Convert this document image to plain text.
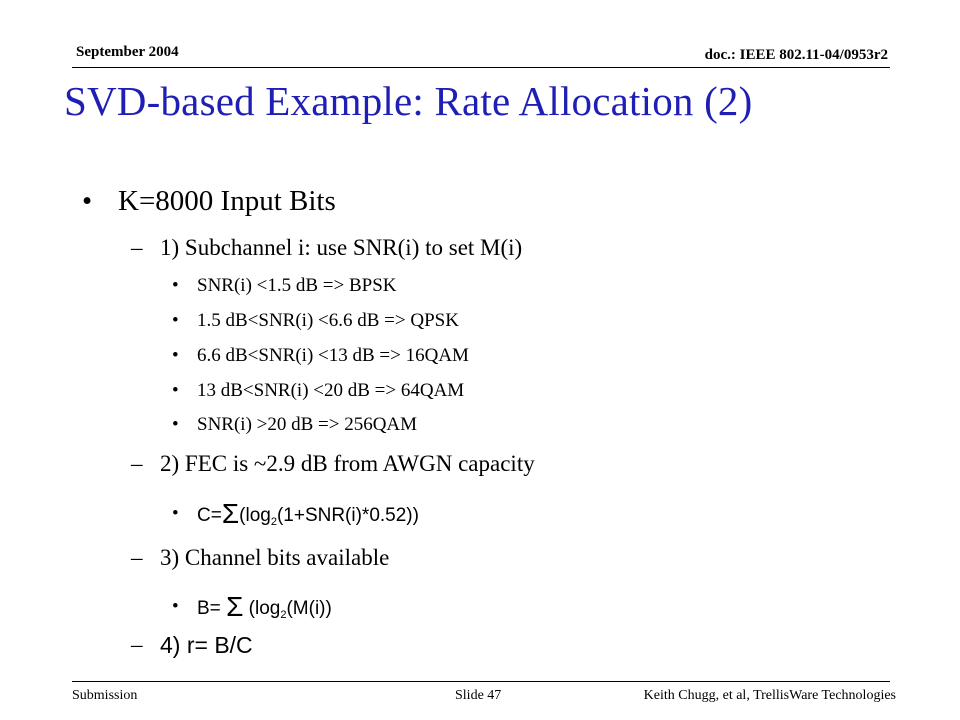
September 2004	doc.: IEEE 802.11-04/0953r2
SVD-based Example: Rate Allocation (2)
• K=8000 Input Bits
– 1) Subchannel i: use SNR(i) to set M(i)
• SNR(i) <1.5 dB => BPSK
• 1.5 dB<SNR(i) <6.6 dB => QPSK
• 6.6 dB<SNR(i) <13 dB => 16QAM
• 13 dB<SNR(i) <20 dB => 64QAM
• SNR(i) >20 dB => 256QAM
– 2) FEC is ~2.9 dB from AWGN capacity
• $C=\Sigma(\log_2(1+SNR(i)*0.52))$
– 3) Channel bits available
• B= Σ ($\log_2(M(i))$
– 4) r= B/C
Submission	Slide 47	Keith Chugg, et al, TrellisWare Technologies
